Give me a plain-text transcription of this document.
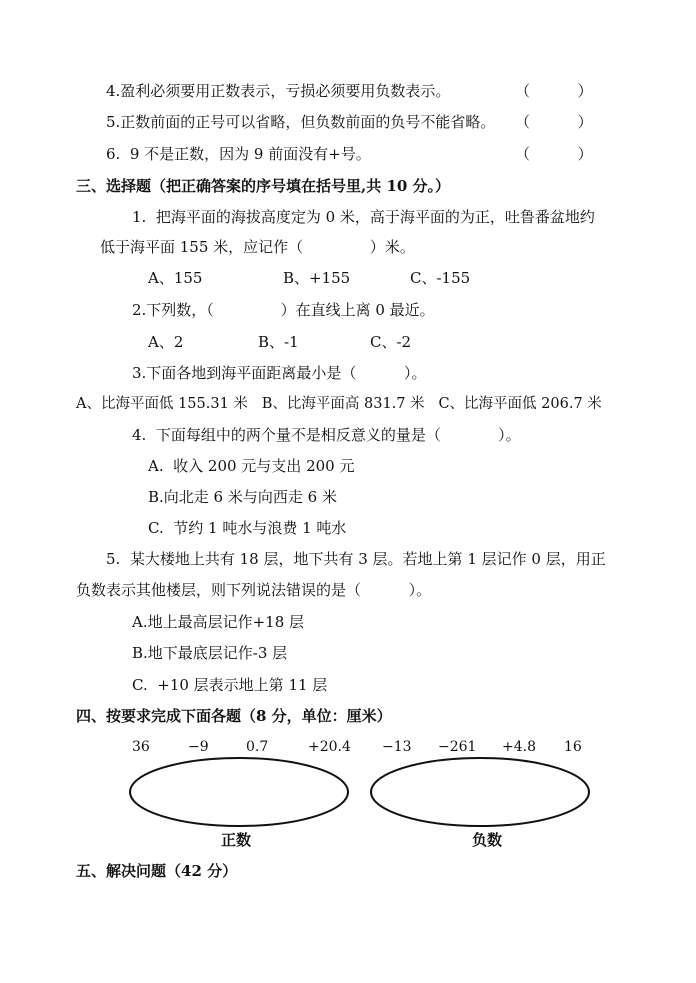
4.盈利必须要用正数表示，亏损必须要用负数表示。	（          ）
5.正数前面的正号可以省略，但负数前面的负号不能省略。 （          ）
6.  9 不是正数，因为 9 前面没有+号。	（          ）
三、选择题（把正确答案的序号填在括号里,共 10 分。）
1.  把海平面的海拔高度定为 0 米，高于海平面的为正，吐鲁番盆地约
低于海平面 155 米，应记作（              ）米。
A、155	B、+155	C、-155
2.下列数，（              ）在直线上离 0 最近。
A、2	B、-1	C、-2
3.下面各地到海平面距离最小是（          ）。
A、比海平面低 155.31 米   B、比海平面高 831.7 米   C、比海平面低 206.7 米
4.  下面每组中的两个量不是相反意义的量是（            ）。
A.  收入 200 元与支出 200 元
B.向北走 6 米与向西走 6 米
C.  节约 1 吨水与浪费 1 吨水
5.  某大楼地上共有 18 层，地下共有 3 层。若地上第 1 层记作 0 层，用正
负数表示其他楼层，则下列说法错误的是（          ）。
A.地上最高层记作+18 层
B.地下最底层记作-3 层
C.  +10 层表示地上第 11 层
四、按要求完成下面各题（8 分，单位：厘米）
36	−9	0.7	+20.4 −13 −261 +4.8 16
正数	负数
五、解决问题（42 分）
